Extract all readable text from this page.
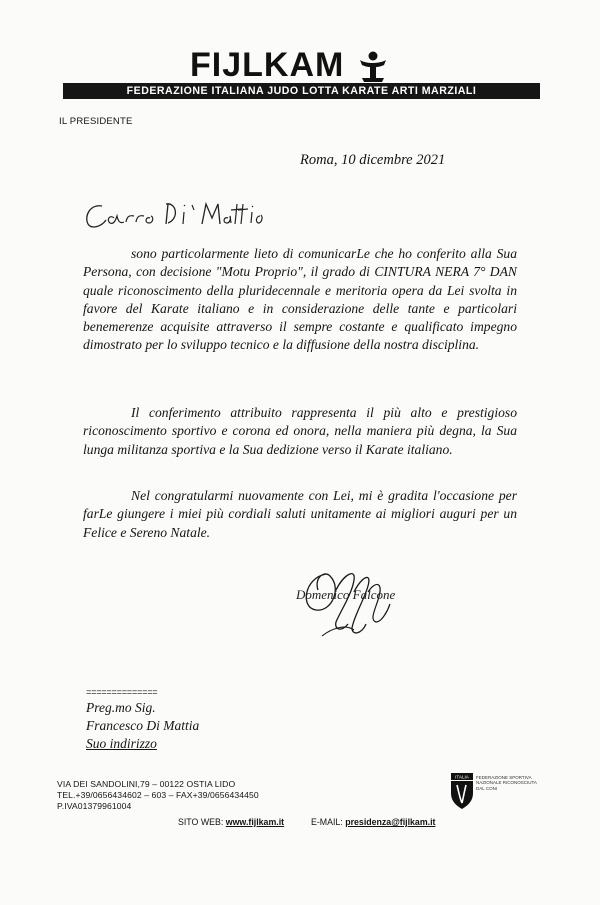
FIJLKAM
FEDERAZIONE ITALIANA JUDO LOTTA KARATE ARTI MARZIALI
IL PRESIDENTE
Roma, 10 dicembre 2021

sono particolarmente lieto di comunicarLe che ho conferito alla Sua Persona, con decisione "Motu Proprio", il grado di CINTURA NERA 7° DAN quale riconoscimento della pluridecennale e meritoria opera da Lei svolta in favore del Karate italiano e in considerazione delle tante e particolari benemerenze acquisite attraverso il sempre costante e qualificato impegno dimostrato per lo sviluppo tecnico e la diffusione della nostra disciplina.

Il conferimento attribuito rappresenta il più alto e prestigioso riconoscimento sportivo e corona ed onora, nella maniera più degna, la Sua lunga militanza sportiva e la Sua dedizione verso il Karate italiano.

Nel congratularmi nuovamente con Lei, mi è gradita l'occasione per farLe giungere i miei più cordiali saluti unitamente ai migliori auguri per un Felice e Sereno Natale.

Domenico Falcone
==============
Preg.mo Sig.
Francesco Di Mattia
Suo indirizzo
VIA DEI SANDOLINI,79 – 00122 OSTIA LIDO
TEL.+39/0656434602 – 603 – FAX+39/0656434450
P.IVA01379961004
ITALIA FEDERAZIONE SPORTIVA NAZIONALE RICONOSCIUTA DAL CONI
SITO WEB: www.fijlkam.it	E-MAIL: presidenza@fijlkam.it
